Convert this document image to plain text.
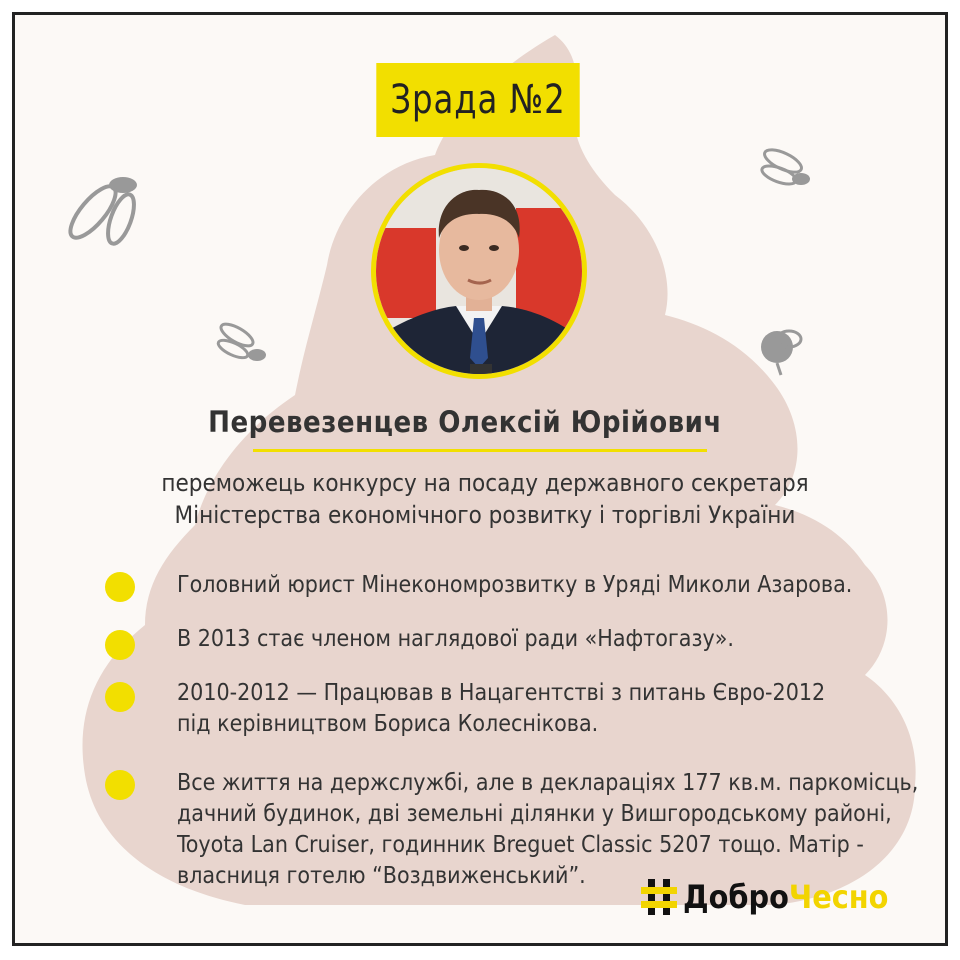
Зрада №2
Перевезенцев Олексій Юрійович
переможець конкурсу на посаду державного секретаря
Міністерства економічного розвитку і торгівлі України
Головний юрист Мінекономрозвитку в Уряді Миколи Азарова.
В 2013 стає членом наглядової ради «Нафтогазу».
2010-2012 — Працював в Нацагентстві з питань Євро-2012
під керівництвом Бориса Колеснікова.
Все життя на держслужбі, але в деклараціях 177 кв.м. паркомісць,
дачний будинок, дві земельні ділянки у Вишгородському районі,
Toyota Lan Cruiser, годинник Breguet Classic 5207 тощо. Матір -
власниця готелю “Воздвиженський”.
Добро Чесно
